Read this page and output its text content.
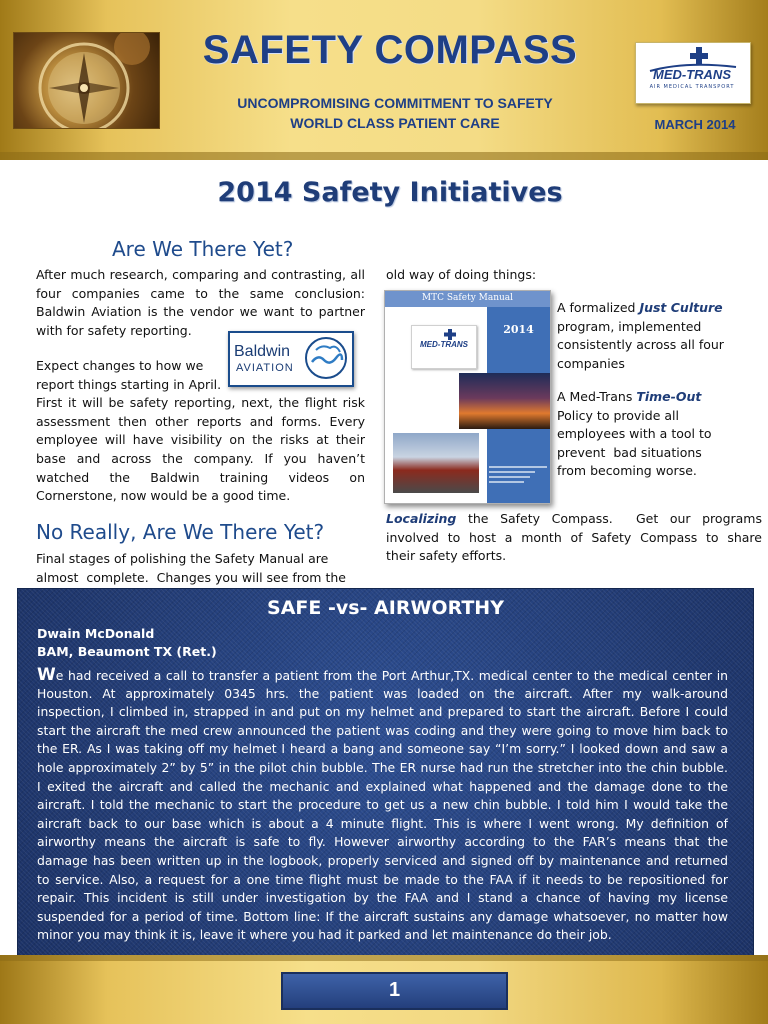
SAFETY COMPASS
UNCOMPROMISING COMMITMENT TO SAFETY
WORLD CLASS PATIENT CARE
MED-TRANS
AIR MEDICAL TRANSPORT
MARCH 2014
2014 Safety Initiatives
Are We There Yet?
After much research, comparing and contrasting, all
four companies came to the same conclusion:
Baldwin Aviation is the vendor we want to partner
with for safety reporting.
Baldwin
AVIATION
Expect changes to how we
report things starting in April.
First it will be safety reporting, next, the flight risk
assessment then other reports and forms. Every
employee will have visibility on the risks at their
base and across the company. If you haven’t
watched    the    Baldwin    training    videos    on
Cornerstone, now would be a good time.
No Really, Are We There Yet?
Final stages of polishing the Safety Manual are
almost  complete.  Changes you will see from the
old way of doing things:
MTC Safety Manual
2014
MED-TRANS
A formalized Just Culture
program, implemented
consistently across all four
companies
A Med-Trans Time-Out
Policy to provide all
employees with a tool to
prevent  bad situations
from becoming worse.
Localizing the Safety Compass.  Get our programs
involved to host a month of Safety Compass to share
their safety efforts.
SAFE -vs- AIRWORTHY
Dwain McDonald
BAM, Beaumont TX (Ret.)
We had received a call to transfer a patient from the Port Arthur,TX. medical center to the medical center in
Houston. At approximately 0345 hrs. the patient was loaded on the aircraft. After my walk-around
inspection, I climbed in, strapped in and put on my helmet and prepared to start the aircraft. Before I could
start the aircraft the med crew announced the patient was coding and they were going to move him back to
the ER. As I was taking off my helmet I heard a bang and someone say “I’m sorry.” I looked down and saw a
hole approximately 2” by 5” in the pilot chin bubble. The ER nurse had run the stretcher into the chin bubble.
I exited the aircraft and called the mechanic and explained what happened and the damage done to the
aircraft. I told the mechanic to start the procedure to get us a new chin bubble. I told him I would take the
aircraft back to our base which is about a 4 minute flight. This is where I went wrong. My definition of
airworthy means the aircraft is safe to fly. However airworthy according to the FAR’s means that the
damage has been written up in the logbook, properly serviced and signed off by maintenance and returned
to service. Also, a request for a one time flight must be made to the FAA if it needs to be repositioned for
repair. This incident is still under investigation by the FAA and I stand a chance of having my license
suspended for a period of time. Bottom line: If the aircraft sustains any damage whatsoever, no matter how
minor you may think it is, leave it where you had it parked and let maintenance do their job.
1
